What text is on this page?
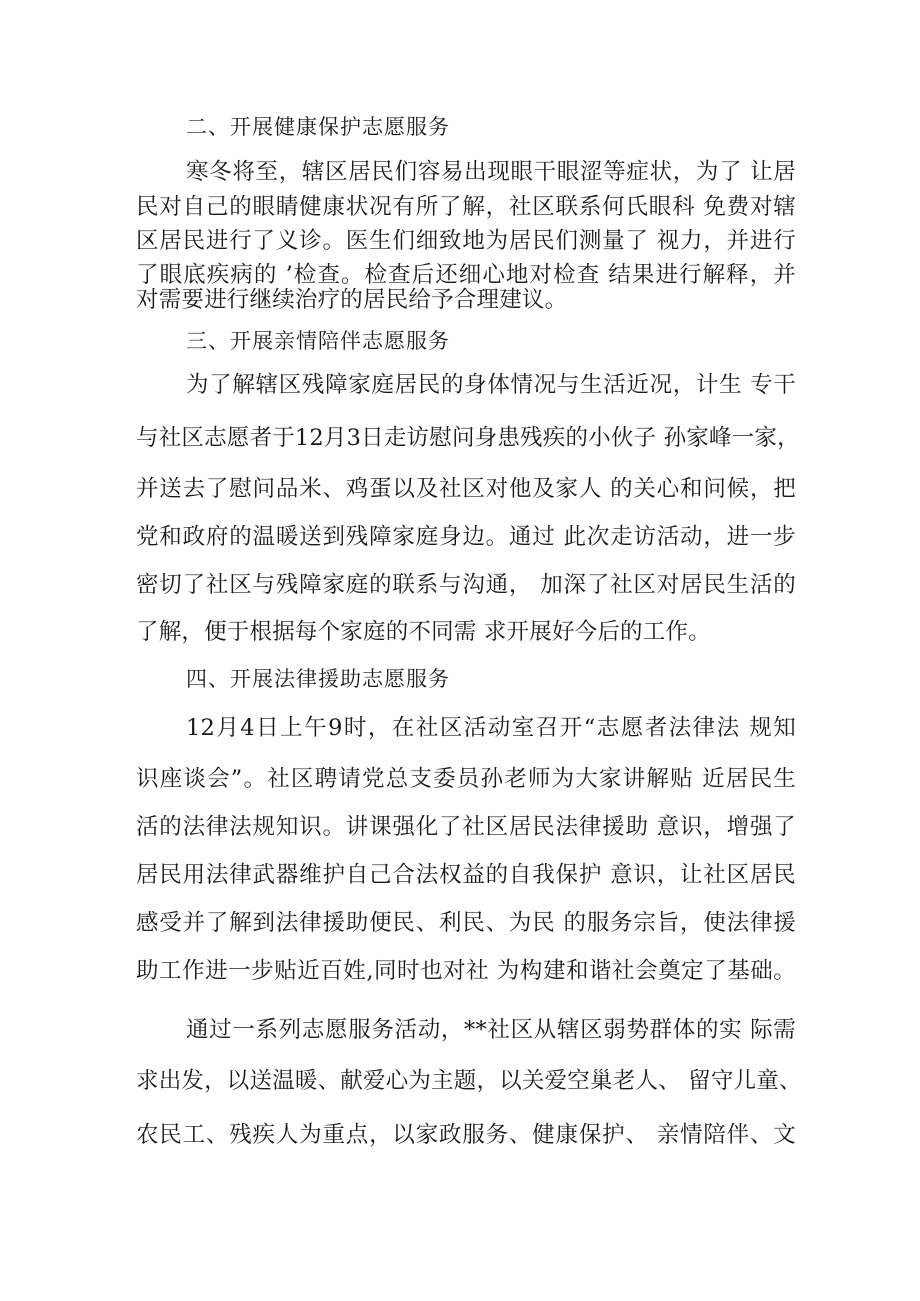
二、开展健康保护志愿服务
寒冬将至，辖区居民们容易出现眼干眼涩等症状，为了 让居
民对自己的眼睛健康状况有所了解，社区联系何氏眼科 免费对辖
区居民进行了义诊。医生们细致地为居民们测量了 视力，并进行
了眼底疾病的 ’检查。检查后还细心地对检查 结果进行解释，并
对需要进行继续治疗的居民给予合理建议。
三、开展亲情陪伴志愿服务
为了解辖区残障家庭居民的身体情况与生活近况，计生 专干
与社区志愿者于12月3日走访慰问身患残疾的小伙子 孙家峰一家，
并送去了慰问品米、鸡蛋以及社区对他及家人 的关心和问候，把
党和政府的温暖送到残障家庭身边。通过 此次走访活动，进一步
密切了社区与残障家庭的联系与沟通， 加深了社区对居民生活的
了解，便于根据每个家庭的不同需 求开展好今后的工作。
四、开展法律援助志愿服务
12月4日上午9时，在社区活动室召开“志愿者法律法 规知
识座谈会”。社区聘请党总支委员孙老师为大家讲解贴 近居民生
活的法律法规知识。讲课强化了社区居民法律援助 意识，增强了
居民用法律武器维护自己合法权益的自我保护 意识，让社区居民
感受并了解到法律援助便民、利民、为民 的服务宗旨，使法律援
助工作进一步贴近百姓,同时也对社 为构建和谐社会奠定了基础。
通过一系列志愿服务活动，**社区从辖区弱势群体的实 际需
求出发，以送温暖、献爱心为主题，以关爱空巢老人、 留守儿童、
农民工、残疾人为重点，以家政服务、健康保护、 亲情陪伴、文
